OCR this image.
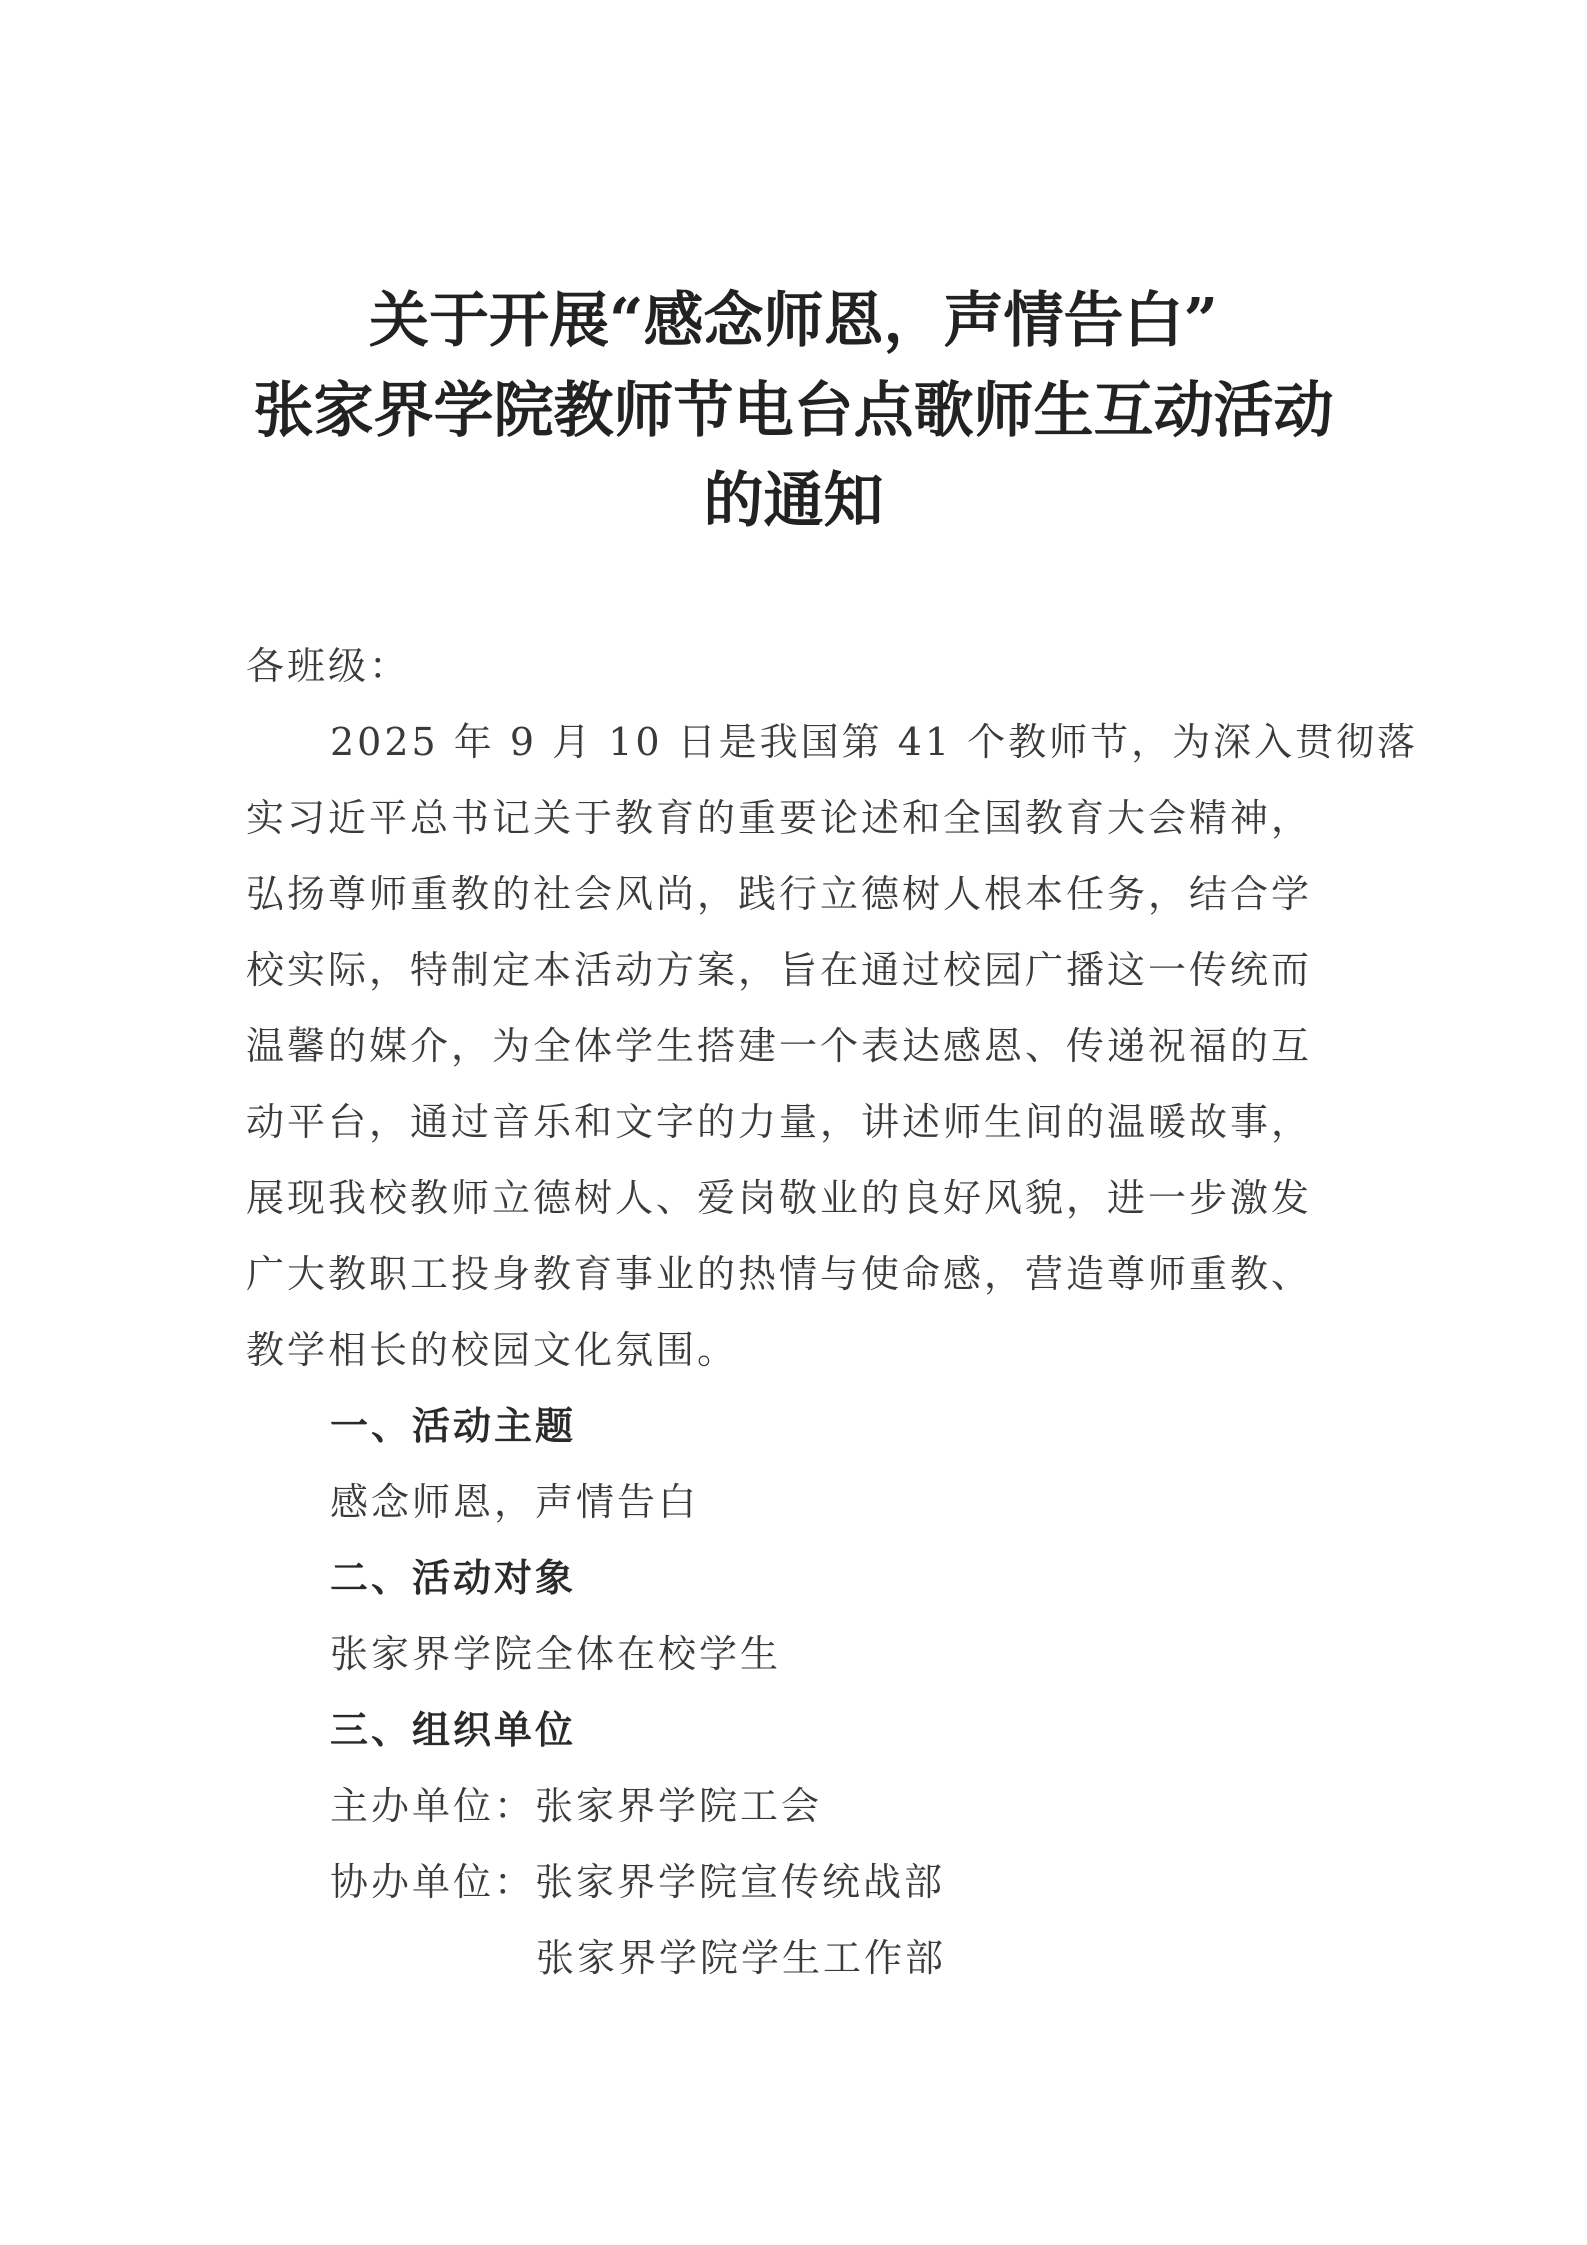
关于开展“感念师恩，声情告白”
张家界学院教师节电台点歌师生互动活动
的通知

各班级：

2025 年 9 月 10 日是我国第 41 个教师节，为深入贯彻落

实习近平总书记关于教育的重要论述和全国教育大会精神，

弘扬尊师重教的社会风尚，践行立德树人根本任务，结合学

校实际，特制定本活动方案，旨在通过校园广播这一传统而

温馨的媒介，为全体学生搭建一个表达感恩、传递祝福的互

动平台，通过音乐和文字的力量，讲述师生间的温暖故事，

展现我校教师立德树人、爱岗敬业的良好风貌，进一步激发

广大教职工投身教育事业的热情与使命感，营造尊师重教、

教学相长的校园文化氛围。

一、活动主题

感念师恩，声情告白

二、活动对象

张家界学院全体在校学生

三、组织单位

主办单位：张家界学院工会

协办单位：张家界学院宣传统战部

张家界学院学生工作部
